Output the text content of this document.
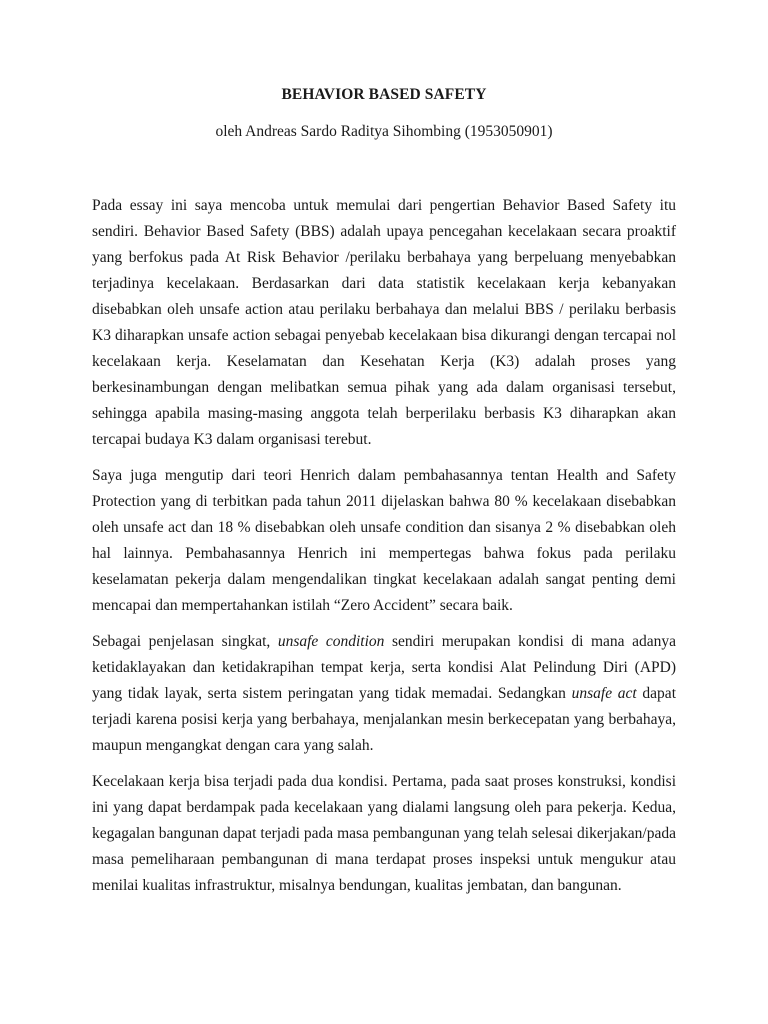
BEHAVIOR BASED SAFETY
oleh Andreas Sardo Raditya Sihombing (1953050901)

Pada essay ini saya mencoba untuk memulai dari pengertian Behavior Based Safety itu sendiri. Behavior Based Safety (BBS) adalah upaya pencegahan kecelakaan secara proaktif yang berfokus pada At Risk Behavior /perilaku berbahaya yang berpeluang menyebabkan terjadinya kecelakaan. Berdasarkan dari data statistik kecelakaan kerja kebanyakan disebabkan oleh unsafe action atau perilaku berbahaya dan melalui BBS / perilaku berbasis K3 diharapkan unsafe action sebagai penyebab kecelakaan bisa dikurangi dengan tercapai nol kecelakaan kerja. Keselamatan dan Kesehatan Kerja (K3) adalah proses yang berkesinambungan dengan melibatkan semua pihak yang ada dalam organisasi tersebut, sehingga apabila masing-masing anggota telah berperilaku berbasis K3 diharapkan akan tercapai budaya K3 dalam organisasi terebut.

Saya juga mengutip dari teori Henrich dalam pembahasannya tentan Health and Safety Protection yang di terbitkan pada tahun 2011 dijelaskan bahwa 80 % kecelakaan disebabkan oleh unsafe act dan 18 % disebabkan oleh unsafe condition dan sisanya 2 % disebabkan oleh hal lainnya. Pembahasannya Henrich ini mempertegas bahwa fokus pada perilaku keselamatan pekerja dalam mengendalikan tingkat kecelakaan adalah sangat penting demi mencapai dan mempertahankan istilah “Zero Accident” secara baik.

Sebagai penjelasan singkat, unsafe condition sendiri merupakan kondisi di mana adanya ketidaklayakan dan ketidakrapihan tempat kerja, serta kondisi Alat Pelindung Diri (APD) yang tidak layak, serta sistem peringatan yang tidak memadai. Sedangkan unsafe act dapat terjadi karena posisi kerja yang berbahaya, menjalankan mesin berkecepatan yang berbahaya, maupun mengangkat dengan cara yang salah.

Kecelakaan kerja bisa terjadi pada dua kondisi. Pertama, pada saat proses konstruksi, kondisi ini yang dapat berdampak pada kecelakaan yang dialami langsung oleh para pekerja. Kedua, kegagalan bangunan dapat terjadi pada masa pembangunan yang telah selesai dikerjakan/pada masa pemeliharaan pembangunan di mana terdapat proses inspeksi untuk mengukur atau menilai kualitas infrastruktur, misalnya bendungan, kualitas jembatan, dan bangunan.
